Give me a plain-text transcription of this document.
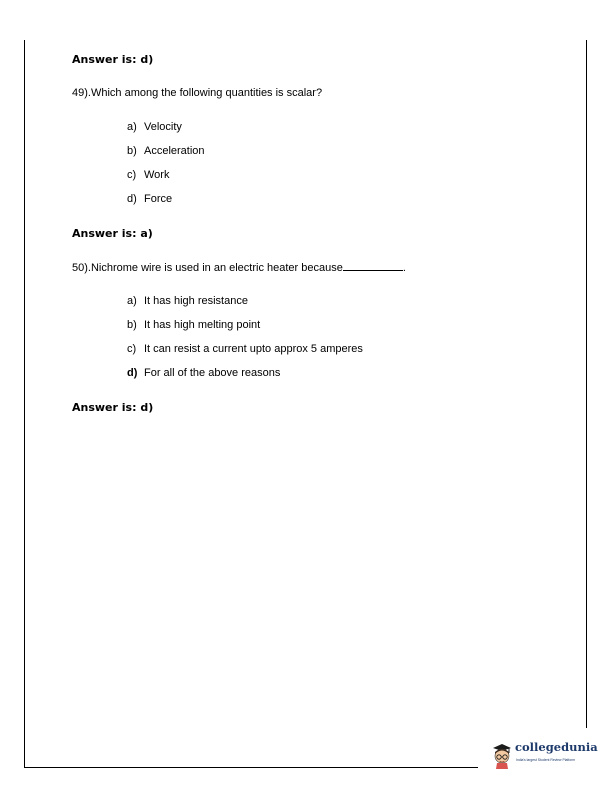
Answer is: d)
49).Which among the following quantities is scalar?
a) Velocity
b) Acceleration
c) Work
d) Force
Answer is: a)
50).Nichrome wire is used in an electric heater because	.
a) It has high resistance
b) It has high melting point
c) It can resist a current upto approx 5 amperes
d) For all of the above reasons
Answer is: d)
collegedunia
India's largest Student Review Platform
